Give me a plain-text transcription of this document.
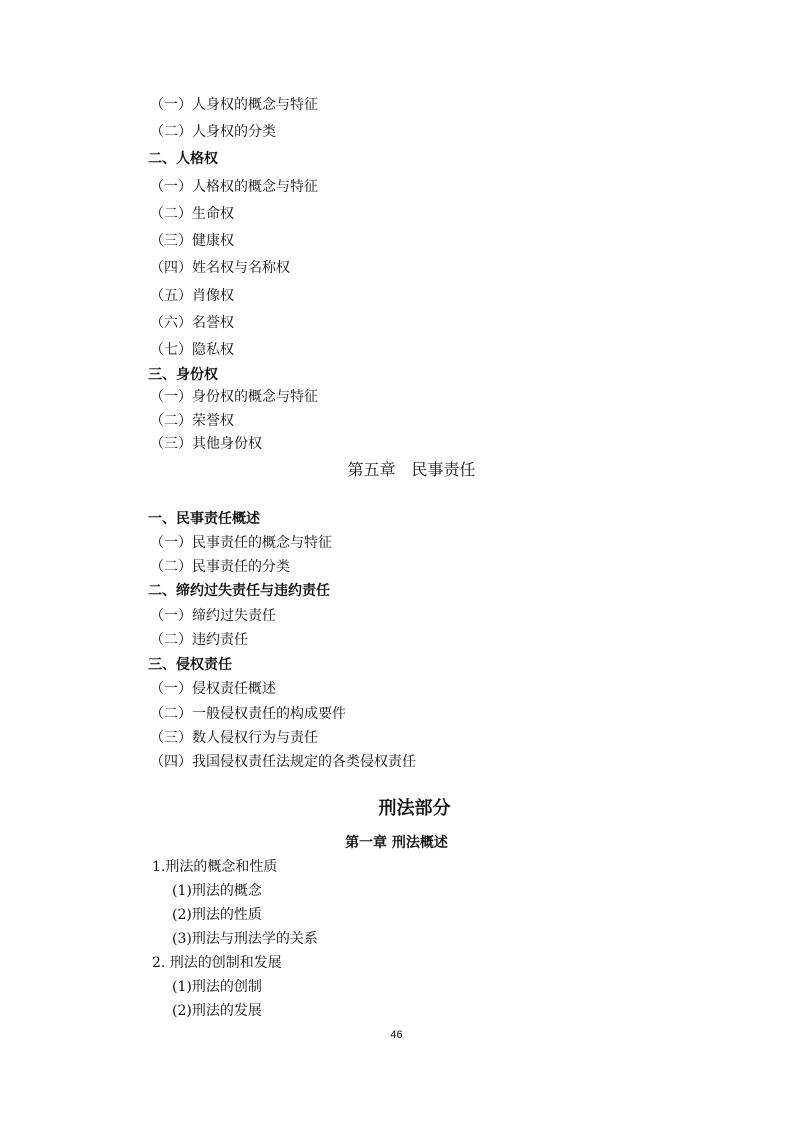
（一）人身权的概念与特征
（二）人身权的分类
二、人格权
（一）人格权的概念与特征
（二）生命权
（三）健康权
（四）姓名权与名称权
（五）肖像权
（六）名誉权
（七）隐私权
三、身份权
（一）身份权的概念与特征
（二）荣誉权
（三）其他身份权
第五章　民事责任
一、民事责任概述
（一）民事责任的概念与特征
（二）民事责任的分类
二、缔约过失责任与违约责任
（一）缔约过失责任
（二）违约责任
三、侵权责任
（一）侵权责任概述
（二）一般侵权责任的构成要件
（三）数人侵权行为与责任
（四）我国侵权责任法规定的各类侵权责任
刑法部分
第一章 刑法概述
1.刑法的概念和性质
(1)刑法的概念
(2)刑法的性质
(3)刑法与刑法学的关系
2. 刑法的创制和发展
(1)刑法的创制
(2)刑法的发展
46
